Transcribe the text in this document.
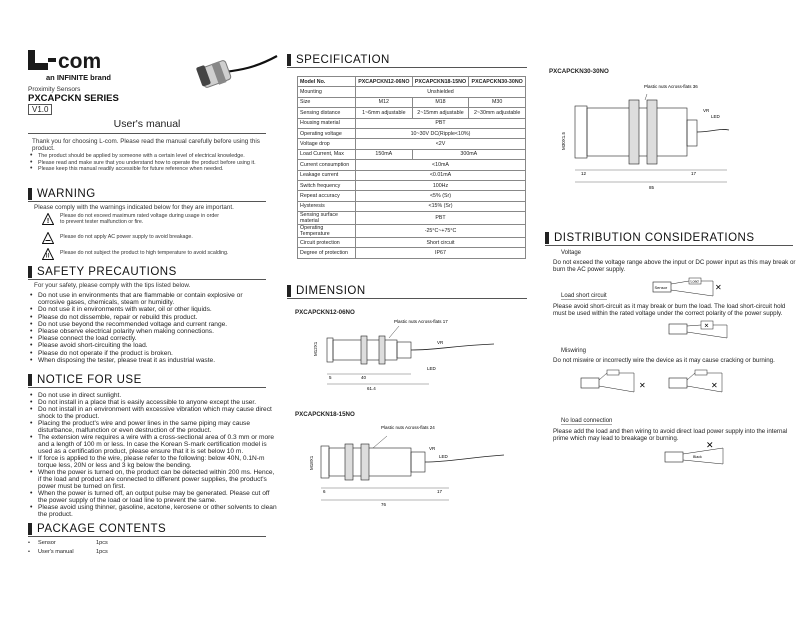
com
an INFINITE brand
Proximity Sensors
PXCAPCKN SERIES
V1.0
User's manual
Thank you for choosing L-com. Please read the manual carefully before using this product.
• The product should be applied by someone with a certain level of electrical knowledge.
• Please read and make sure that you understand how to operate the product before using it.
• Please keep this manual readily accessible for future reference when needed.
WARNING
Please comply with the warnings indicated below for they are important.
!
Please do not exceed maximum rated voltage during usage in order to prevent tester malfunction or fire.
Please do not apply AC power supply to avoid breakage.
Please do not subject the product to high temperature to avoid scalding.
SAFETY PRECAUTIONS
For your safety, please comply with the tips listed below.
• Do not use in environments that are flammable or contain explosive or corrosive gases, chemicals, steam or humidity.
• Do not use it in environments with water, oil or other liquids.
• Please do not dissemble, repair or rebuild this product.
• Do not use beyond the recommended voltage and current range.
• Please observe electrical polarity when making connections.
• Please connect the load correctly.
• Please avoid short-circuiting the load.
• Please do not operate if the product is broken.
• When disposing the tester, please treat it as industrial waste.
NOTICE FOR USE
• Do not use in direct sunlight.
• Do not install in a place that is easily accessible to anyone except the user.
• Do not install in an environment with excessive vibration which may cause direct shock to the product.
• Placing the product's wire and power lines in the same piping may cause disturbance, malfunction or even destruction of the product.
• The extension wire requires a wire with a cross-sectional area of 0.3 mm or more and a length of 100 m or less. In case the Korean S-mark certification model is used as a certification product, please ensure that it is set below 10 m.
• If force is applied to the wire, please refer to the following: below 40N, 0.1N-m torque less, 20N or less and 3 kg below the bending.
• When the power is turned on, the product can be detected within 200 ms. Hence, if the load and product are connected to different power supplies, the product's power must be turned on first.
• When the power is turned off, an output pulse may be generated. Please cut off the power supply of the load or load line to prevent the same.
• Please avoid using thinner, gasoline, acetone, kerosene or other solvents to clean the product.
PACKAGE CONTENTS
• Sensor	1pcs
• User's manual	1pcs
SPECIFICATION
Model No.	PXCAPCKN12-06NO	PXCAPCKN18-15NO	PXCAPCKN30-30NO
Mounting	Unshielded		
Size	M12	M18	M30
Sensing distance	1~6mm adjustable	2~15mm adjustable	2~30mm adjustable
Housing material	PBT		
Operating voltage	10~30V DC(Ripple<10%)		
Voltage drop	<2V		
Load Current, Max	150mA	300mA	
Current consumption	<10mA		
Leakage current	<0.01mA		
Switch frequency	100Hz		
Repeat accuracy	<5% (Sr)		
Hysteresis	<15% (Sr)		
Sensing surface material	PBT		
Operating Temperature	-25°C~+75°C		
Circuit protection	Short circuit		
Degree of protection	IP67		
DIMENSION
PXCAPCKN12-06NO
Plastic nuts Across-flats 17
M12X1	VR
LED
5	40
61.4
PXCAPCKN18-15NO
Plastic nuts Across-flats 24
M18X1
VR
LED
6	17
76
PXCAPCKN30-30NO
Plastic nuts Across-flats 36
M30X1.5
VR
LED
12	17
85
DISTRIBUTION CONSIDERATIONS
Voltage
Do not exceed the voltage range above the input or DC power input as this may break or burn the AC power supply.
Sensor
Load
✕
Load short circuit
Please avoid short-circuit as it may break or burn the load. The load short-circuit hold must be used within the rated voltage under the correct polarity of the power supply.
✕
Miswiring
Do not miswire or incorrectly wire the device as it may cause cracking or burning.
✕	✕
No load connection
Please add the load and then wiring to avoid direct load power supply into the internal prime which may lead to breakage or burning.
✕
Black
